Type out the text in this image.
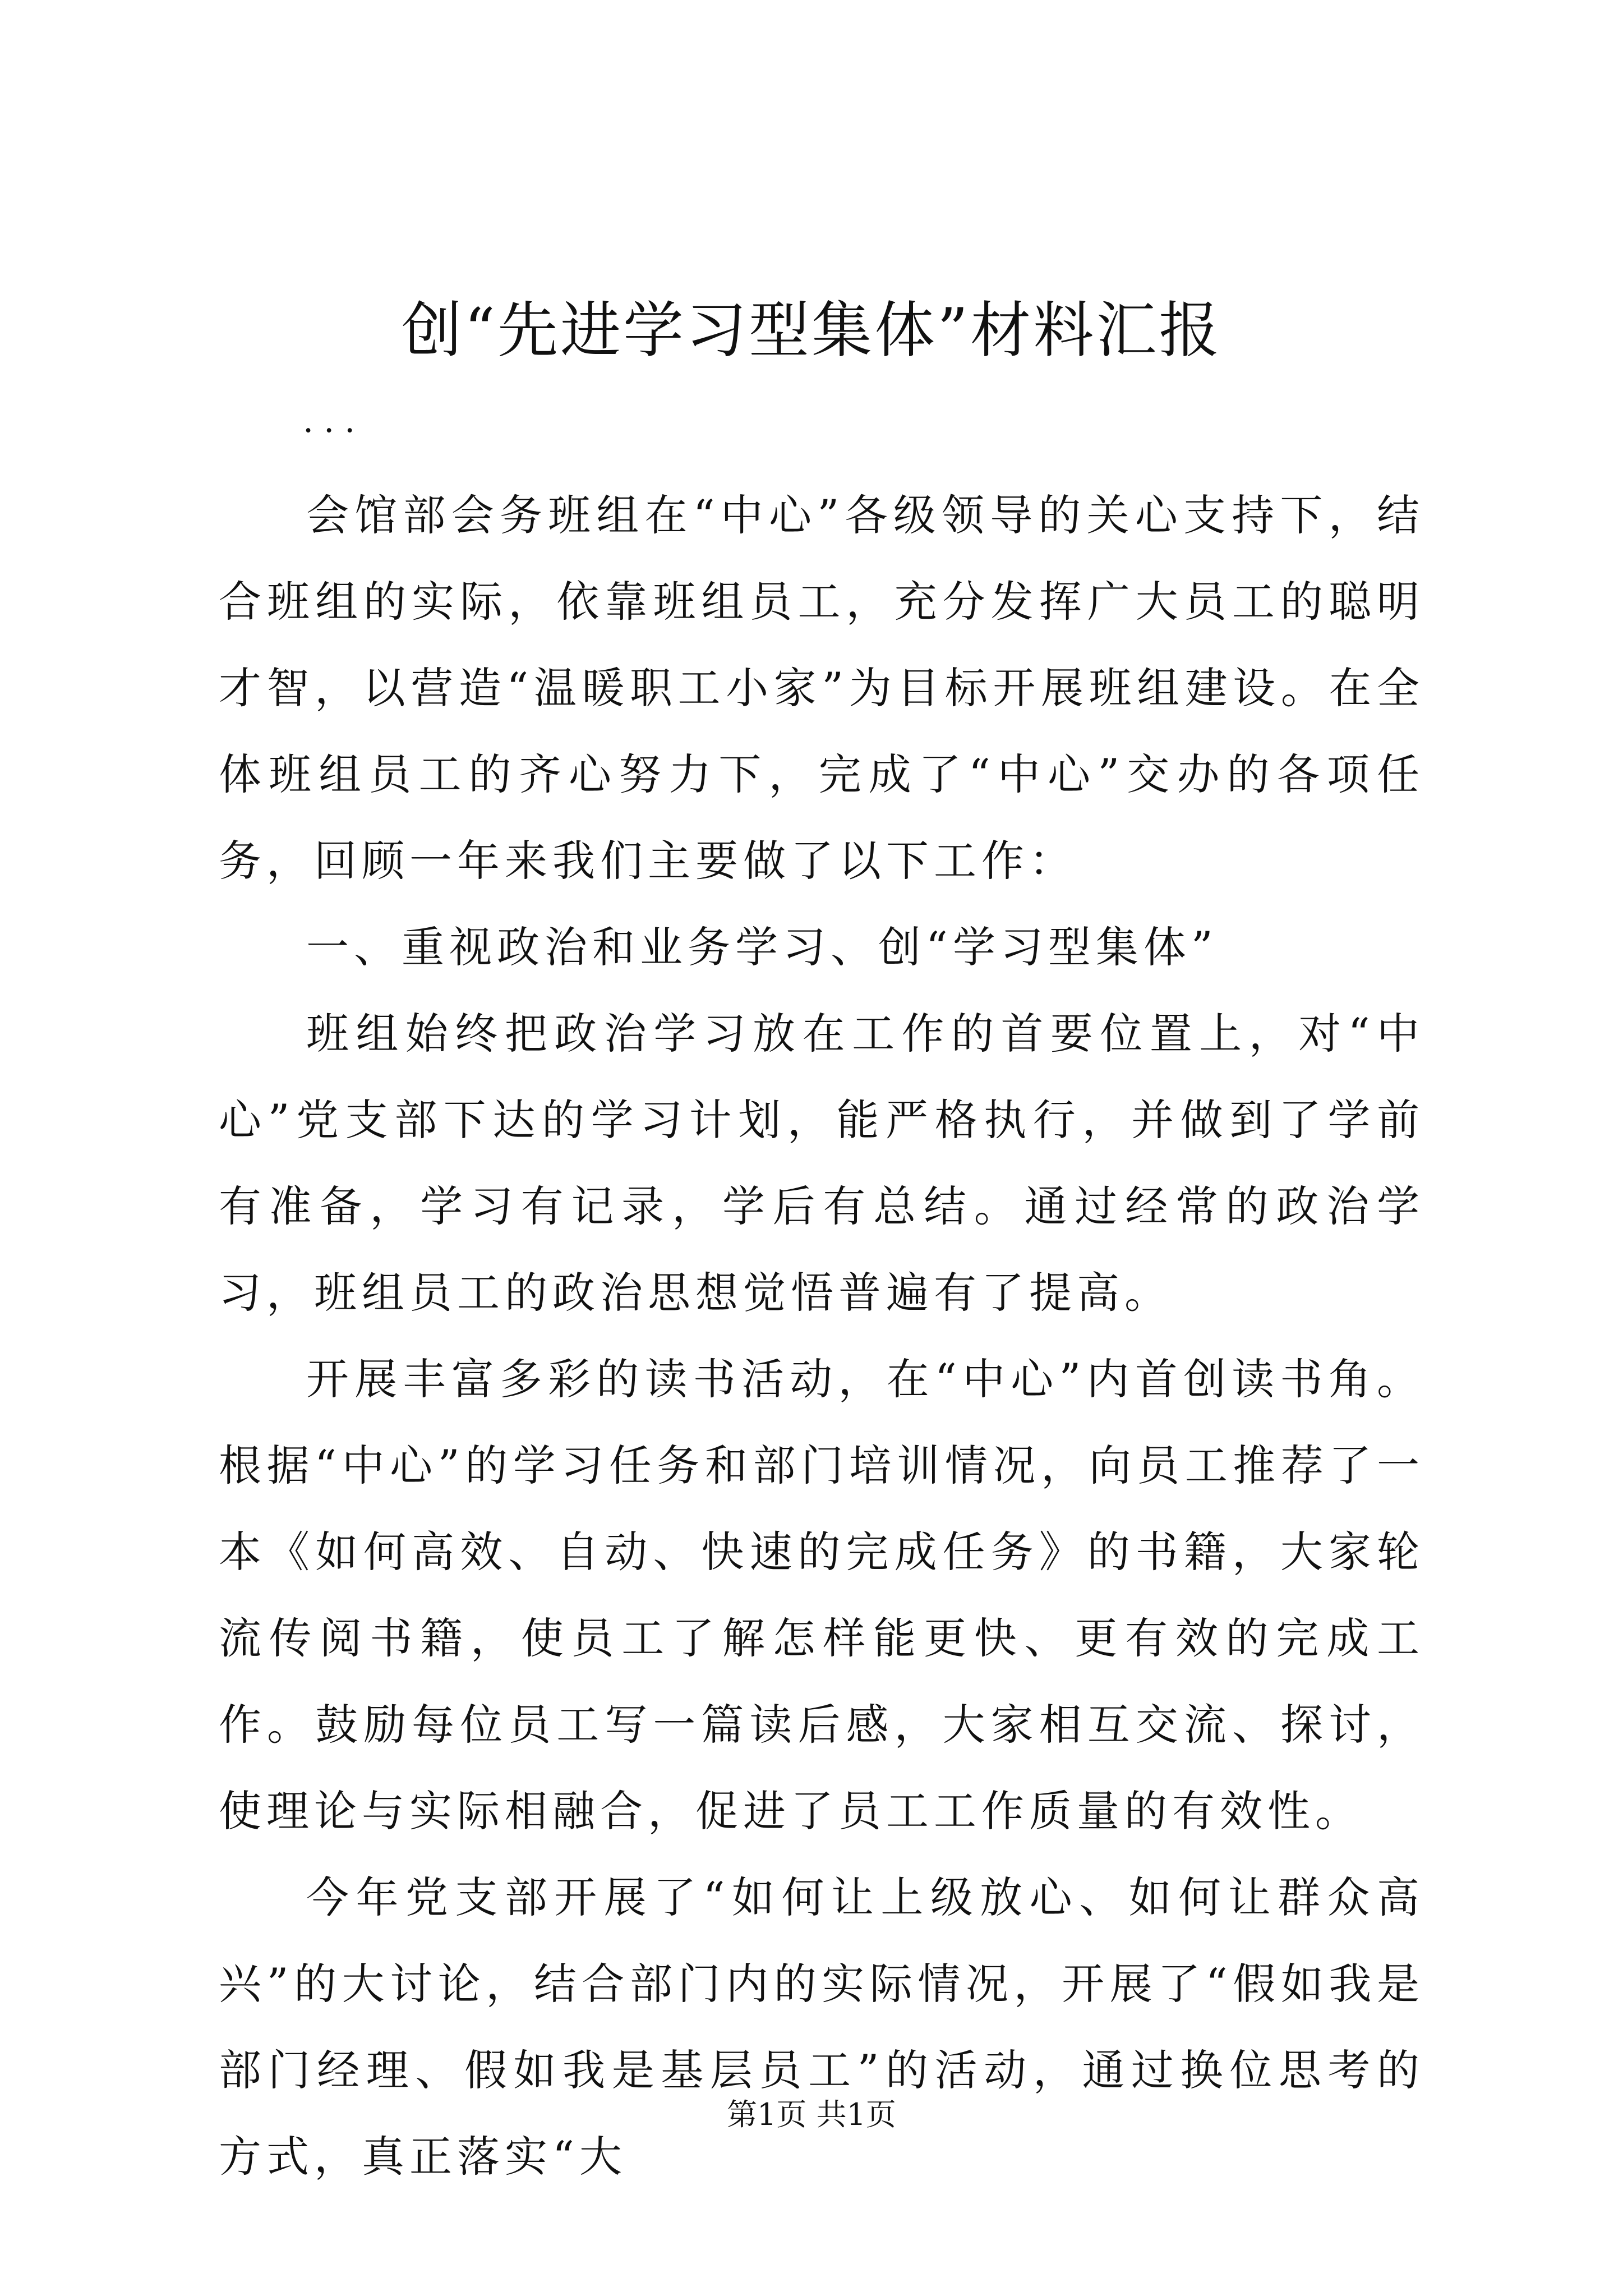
创“先进学习型集体”材料汇报
...

会馆部会务班组在“中心”各级领导的关心支持下，结合班组的实际，依靠班组员工，充分发挥广大员工的聪明才智，以营造“温暖职工小家”为目标开展班组建设。在全体班组员工的齐心努力下，完成了“中心”交办的各项任务，回顾一年来我们主要做了以下工作：

一、重视政治和业务学习、创“学习型集体”

班组始终把政治学习放在工作的首要位置上，对“中心”党支部下达的学习计划，能严格执行，并做到了学前有准备，学习有记录，学后有总结。通过经常的政治学习，班组员工的政治思想觉悟普遍有了提高。

开展丰富多彩的读书活动，在“中心”内首创读书角。根据“中心”的学习任务和部门培训情况，向员工推荐了一本《如何高效、自动、快速的完成任务》的书籍，大家轮流传阅书籍，使员工了解怎样能更快、更有效的完成工作。鼓励每位员工写一篇读后感，大家相互交流、探讨，使理论与实际相融合，促进了员工工作质量的有效性。

今年党支部开展了“如何让上级放心、如何让群众高兴”的大讨论，结合部门内的实际情况，开展了“假如我是部门经理、假如我是基层员工”的活动，通过换位思考的方式，真正落实“大

第1页 共1页
